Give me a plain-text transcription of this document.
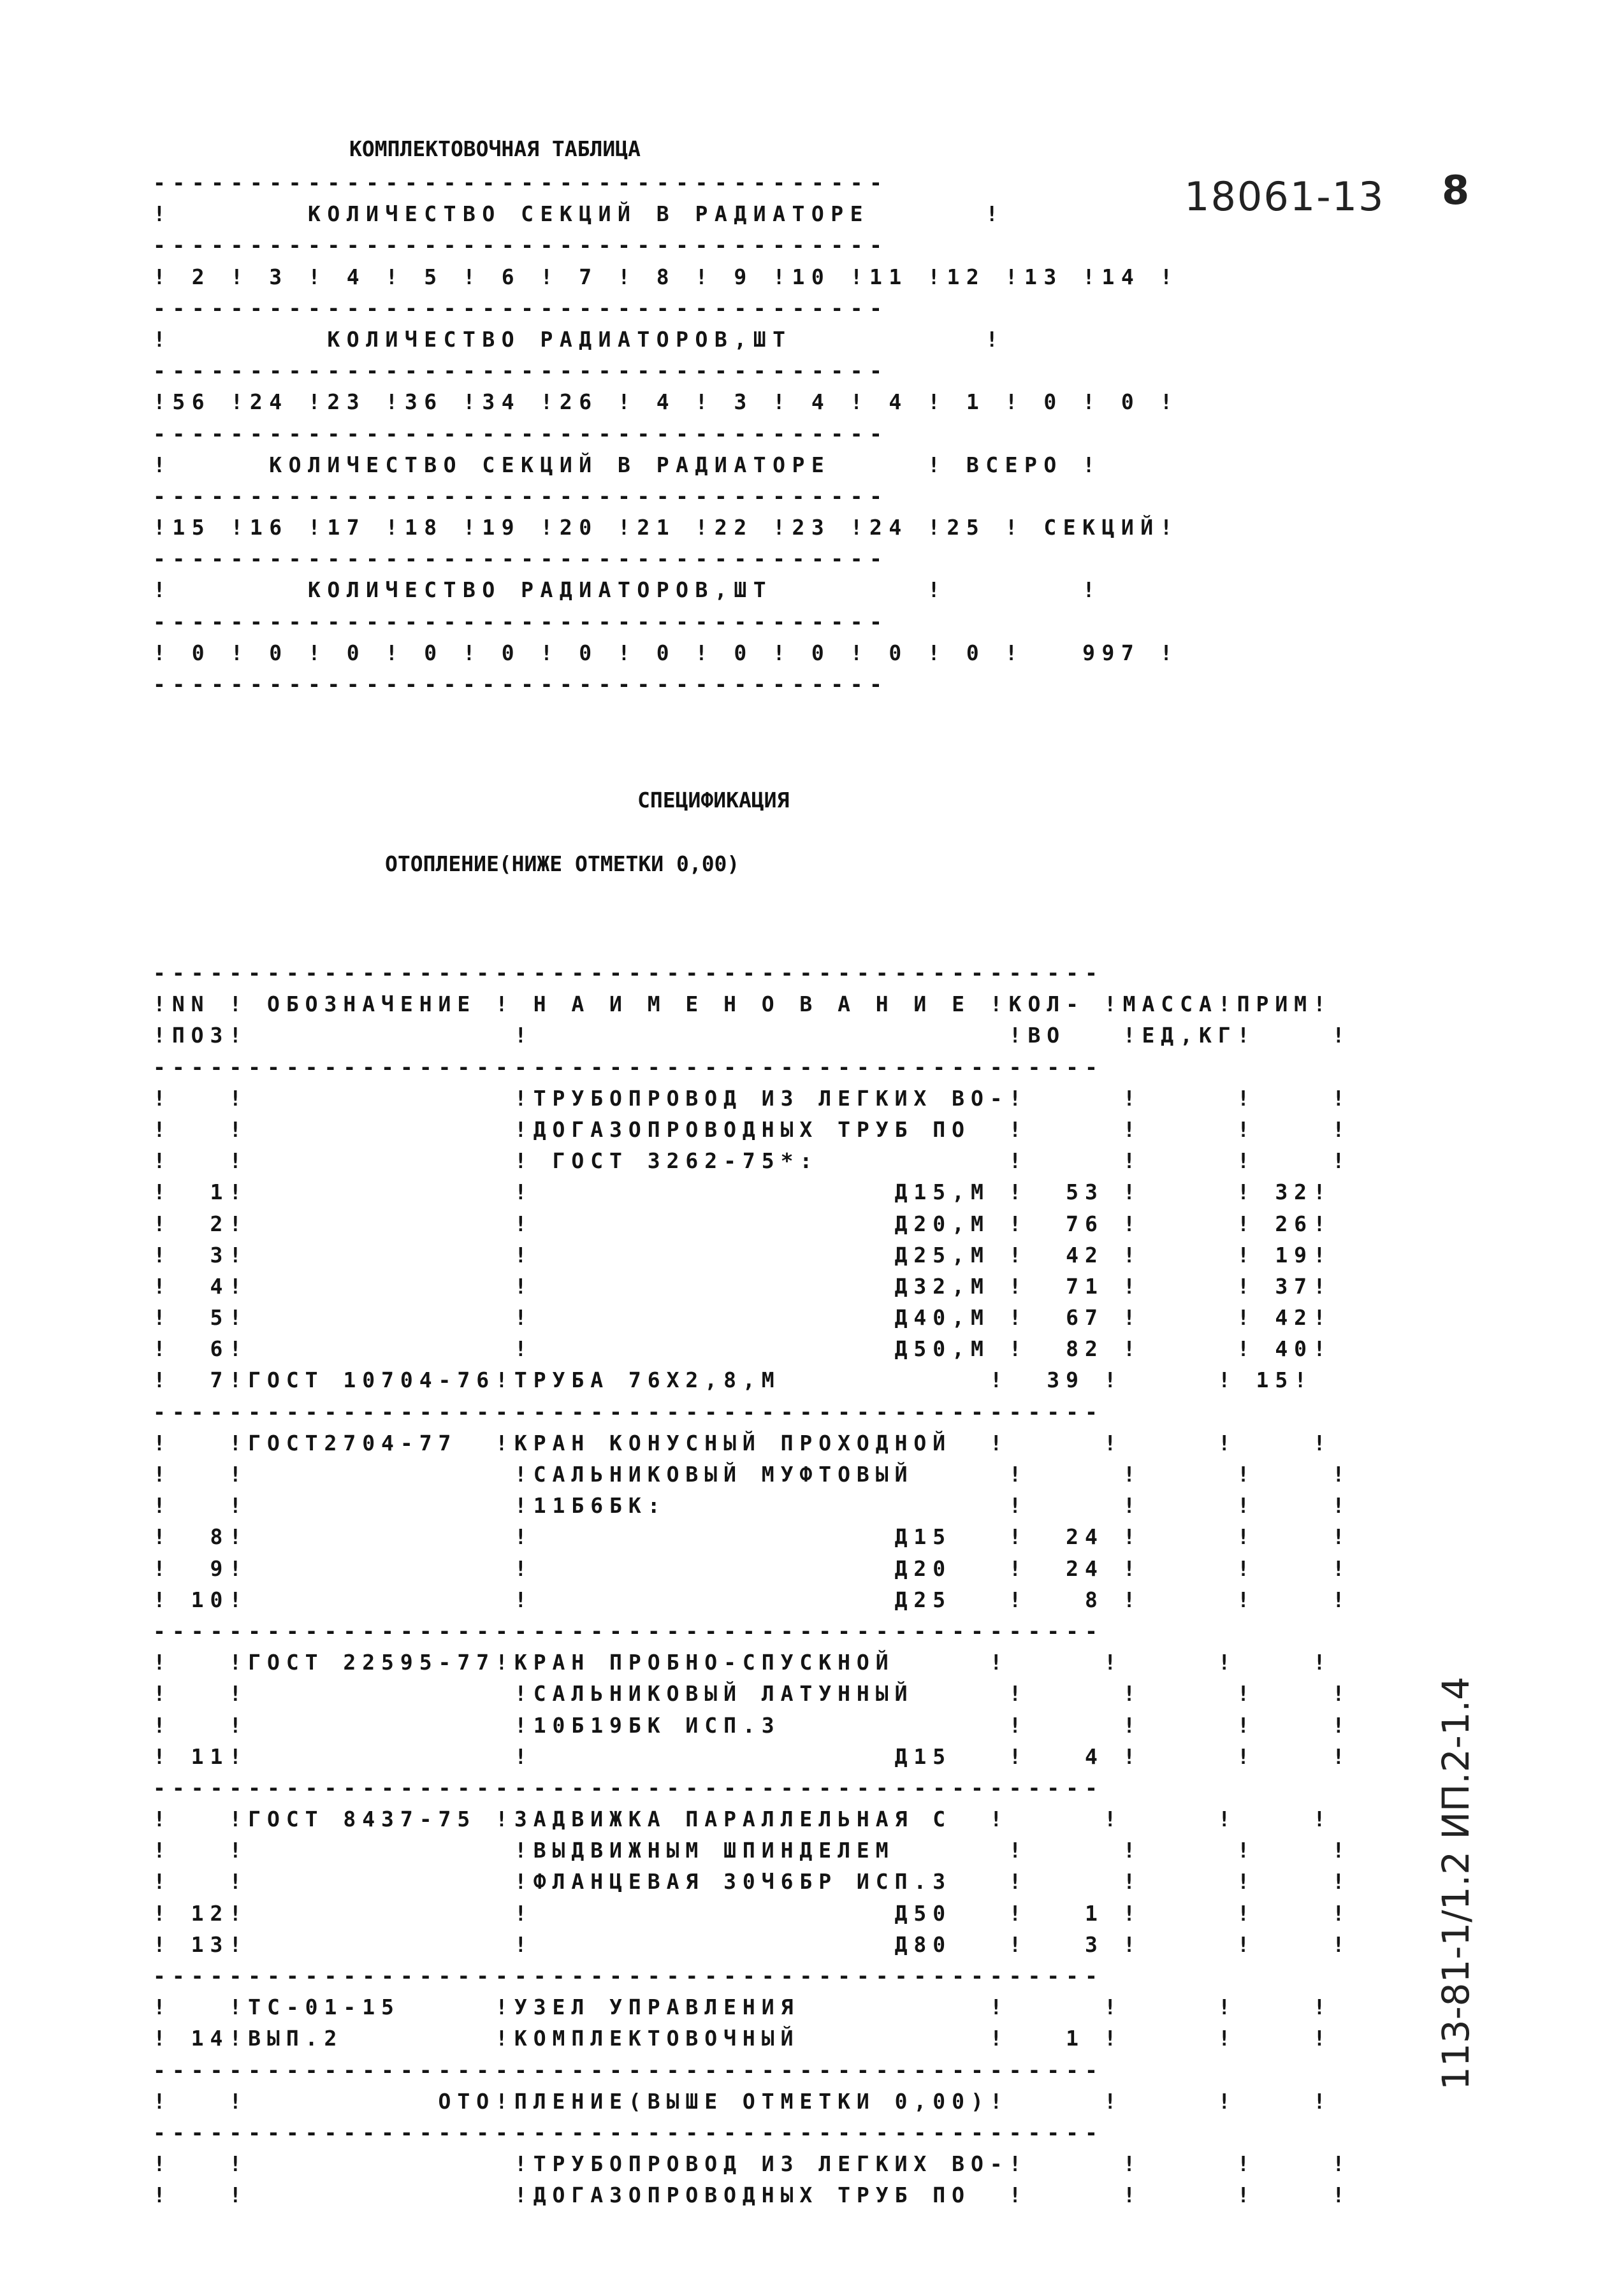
КОМПЛЕКТОВОЧНАЯ ТАБЛИЦА
--------------------------------------
!       КОЛИЧЕСТВО СЕКЦИЙ В РАДИАТОРЕ      !
--------------------------------------
! 2 ! 3 ! 4 ! 5 ! 6 ! 7 ! 8 ! 9 !10 !11 !12 !13 !14 !
--------------------------------------
!        КОЛИЧЕСТВО РАДИАТОРОВ,ШТ          !
--------------------------------------
!56 !24 !23 !36 !34 !26 ! 4 ! 3 ! 4 ! 4 ! 1 ! 0 ! 0 !
--------------------------------------
!     КОЛИЧЕСТВО СЕКЦИЙ В РАДИАТОРЕ     ! ВСЕРО !
--------------------------------------
!15 !16 !17 !18 !19 !20 !21 !22 !23 !24 !25 ! СЕКЦИЙ!
--------------------------------------
!       КОЛИЧЕСТВО РАДИАТОРОВ,ШТ        !       !
--------------------------------------
! 0 ! 0 ! 0 ! 0 ! 0 ! 0 ! 0 ! 0 ! 0 ! 0 ! 0 !   997 !
--------------------------------------
18061-13 8
СПЕЦИФИКАЦИЯ
ОТОПЛЕНИЕ(НИЖЕ ОТМЕТКИ 0,00)
--------------------------------------------------
!NN ! ОБОЗНАЧЕНИЕ ! Н А И М Е Н О В А Н И Е !КОЛ- !МАССА!ПРИМ!
!ПОЗ!              !                         !ВО   !ЕД,КГ!    !
--------------------------------------------------
!   !              !ТРУБОПРОВОД ИЗ ЛЕГКИХ ВО-!     !     !    !
!   !              !ДОГАЗОПРОВОДНЫХ ТРУБ ПО  !     !     !    !
!   !              ! ГОСТ 3262-75*:          !     !     !    !
!  1!              !                   Д15,М !  53 !     ! 32!
!  2!              !                   Д20,М !  76 !     ! 26!
!  3!              !                   Д25,М !  42 !     ! 19!
!  4!              !                   Д32,М !  71 !     ! 37!
!  5!              !                   Д40,М !  67 !     ! 42!
!  6!              !                   Д50,М !  82 !     ! 40!
!  7!ГОСТ 10704-76!ТРУБА 76Х2,8,М           !  39 !     ! 15!
--------------------------------------------------
!   !ГОСТ2704-77  !КРАН КОНУСНЫЙ ПРОХОДНОЙ  !     !     !    !
!   !              !САЛЬНИКОВЫЙ МУФТОВЫЙ     !     !     !    !
!   !              !11Б6БК:                  !     !     !    !
!  8!              !                   Д15   !  24 !     !    !
!  9!              !                   Д20   !  24 !     !    !
! 10!              !                   Д25   !   8 !     !    !
--------------------------------------------------
!   !ГОСТ 22595-77!КРАН ПРОБНО-СПУСКНОЙ     !     !     !    !
!   !              !САЛЬНИКОВЫЙ ЛАТУННЫЙ     !     !     !    !
!   !              !10Б19БК ИСП.3            !     !     !    !
! 11!              !                   Д15   !   4 !     !    !
--------------------------------------------------
!   !ГОСТ 8437-75 !ЗАДВИЖКА ПАРАЛЛЕЛЬНАЯ С  !     !     !    !
!   !              !ВЫДВИЖНЫМ ШПИНДЕЛЕМ      !     !     !    !
!   !              !ФЛАНЦЕВАЯ 30Ч6БР ИСП.3   !     !     !    !
! 12!              !                   Д50   !   1 !     !    !
! 13!              !                   Д80   !   3 !     !    !
--------------------------------------------------
!   !ТС-01-15     !УЗЕЛ УПРАВЛЕНИЯ          !     !     !    !
! 14!ВЫП.2        !КОМПЛЕКТОВОЧНЫЙ          !   1 !     !    !
--------------------------------------------------
!   !          ОТО!ПЛЕНИЕ(ВЫШЕ ОТМЕТКИ 0,00)!     !     !    !
--------------------------------------------------
!   !              !ТРУБОПРОВОД ИЗ ЛЕГКИХ ВО-!     !     !    !
!   !              !ДОГАЗОПРОВОДНЫХ ТРУБ ПО  !     !     !    !
113-81-1/1.2 ИП.2-1.4
